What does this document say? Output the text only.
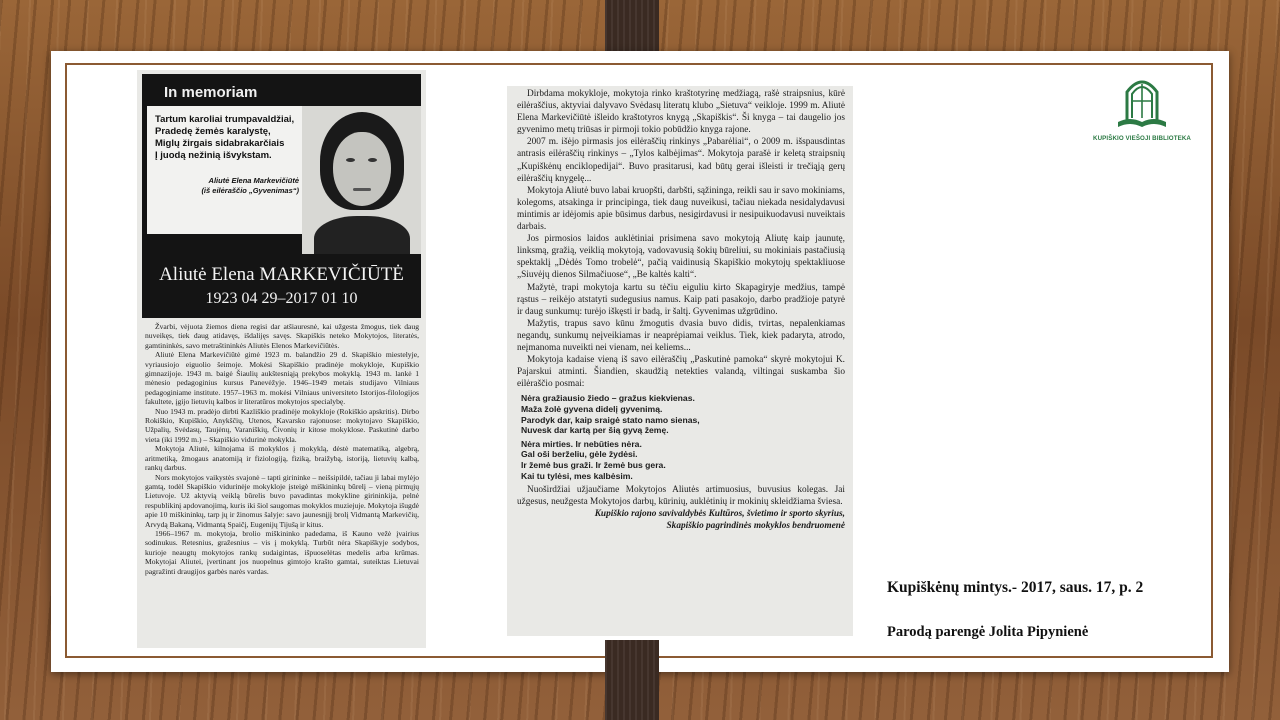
In memoriam
Tartum karoliai trumpavaldžiai,
Pradedę žemės karalystę,
Miglų žirgais sidabrakarčiais
Į juodą nežinią išvykstam.
Aliutė Elena Markevičiūtė
(iš eilėraščio „Gyvenimas“)
Aliutė Elena MARKEVIČIŪTĖ
1923 04 29–2017 01 10

Žvarbi, vėjuota žiemos diena regisi dar atšiauresnė, kai užgesta žmogus, tiek daug nuveikęs, tiek daug atidavęs, išdalijęs savęs. Skapiškis neteko Mokytojos, literatės, gamtininkės, savo metraštininkės Aliutės Elenos Markevičiūtės.

Aliutė Elena Markevičiūtė gimė 1923 m. balandžio 29 d. Skapiškio miestelyje, vyriausiojo eiguolio šeimoje. Mokėsi Skapiškio pradinėje mokykloje, Kupiškio gimnazijoje. 1943 m. baigė Šiaulių aukštesniąją prekybos mokyklą. 1943 m. lankė 1 mėnesio pedagoginius kursus Panevėžyje. 1946–1949 metais studijavo Vilniaus pedagoginiame institute. 1957–1963 m. mokėsi Vilniaus universiteto Istorijos-filologijos fakultete, įgijo lietuvių kalbos ir literatūros mokytojos specialybę.

Nuo 1943 m. pradėjo dirbti Kazliškio pradinėje mokykloje (Rokiškio apskritis). Dirbo Rokiškio, Kupiškio, Anykščių, Utenos, Kavarsko rajonuose: mokytojavo Skapiškio, Užpalių, Svėdasų, Taujėnų, Varaniškių, Čivonių ir kitose mokyklose. Paskutinė darbo vieta (iki 1992 m.) – Skapiškio vidurinė mokykla.

Mokytoja Aliutė, kilnojama iš mokyklos į mokyklą, dėstė matematiką, algebrą, aritmetiką, žmogaus anatomiją ir fiziologiją, fiziką, braižybą, istoriją, lietuvių kalbą, rankų darbus.

Nors mokytojos vaikystės svajonė – tapti girininke – neišsipildė, tačiau ji labai mylėjo gamtą, todėl Skapiškio vidurinėje mokykloje įsteigė miškininkų būrelį – vieną pirmųjų Lietuvoje. Už aktyvią veiklą būrelis buvo pavadintas mokykline girininkija, pelnė respublikinį apdovanojimą, kuris iki šiol saugomas mokyklos muziejuje. Mokytoja išugdė apie 10 miškininkų, tarp jų ir žinomus šalyje: savo jaunesnįjį brolį Vidmantą Markevičių, Arvydą Bakaną, Vidmantą Spaičį, Eugenijų Tijušą ir kitus.

1966–1967 m. mokytoja, brolio miškininko padedama, iš Kauno vežė įvairius sodinukus. Retesnius, gražesnius – vis į mokyklą. Turbūt nėra Skapiškyje sodybos, kurioje neaugtų mokytojos rankų sudaigintas, išpuoselėtas medelis arba krūmas. Mokytojai Aliutei, įvertinant jos nuopelnus gimtojo krašto gamtai, suteiktas Lietuvai pagražinti draugijos garbės narės vardas.

Dirbdama mokykloje, mokytoja rinko kraštotyrinę medžiagą, rašė straipsnius, kūrė eilėraščius, aktyviai dalyvavo Svėdasų literatų klubo „Sietuva“ veikloje. 1999 m. Aliutė Elena Markevičiūtė išleido kraštotyros knygą „Skapiškis“. Ši knyga – tai daugelio jos gyvenimo metų triūsas ir pirmoji tokio pobūdžio knyga rajone.

2007 m. išėjo pirmasis jos eilėraščių rinkinys „Pabarėliai“, o 2009 m. išspausdintas antrasis eilėraščių rinkinys – „Tylos kalbėjimas“. Mokytoja parašė ir keletą straipsnių „Kupiškėnų enciklopedijai“. Buvo prasitarusi, kad būtų gerai išleisti ir trečiąją gerų eilėraščių knygelę...

Mokytoja Aliutė buvo labai kruopšti, darbšti, sąžininga, reikli sau ir savo mokiniams, kolegoms, atsakinga ir principinga, tiek daug nuveikusi, tačiau niekada nesidalydavusi mintimis ar idėjomis apie būsimus darbus, nesigirdavusi ir nesipuikuodavusi nuveiktais darbais.

Jos pirmosios laidos auklėtiniai prisimena savo mokytoją Aliutę kaip jaunutę, linksmą, gražią, veiklią mokytoją, vadovavusią šokių būreliui, su mokiniais pastačiusią spektaklį „Dėdės Tomo trobelė“, pačią vaidinusią Skapiškio mokytojų spektakliuose „Siuvėjų dienos Silmačiuose“, „Be kaltės kalti“.

Mažytė, trapi mokytoja kartu su tėčiu eiguliu kirto Skapagiryje medžius, tampė rąstus – reikėjo atstatyti sudegusius namus. Kaip pati pasakojo, darbo pradžioje patyrė ir daug sunkumų: turėjo iškęsti ir badą, ir šaltį. Gyvenimas užgrūdino.

Mažytis, trapus savo kūnu žmogutis dvasia buvo didis, tvirtas, nepalenkiamas negandų, sunkumų neįveikiamas ir neaprėpiamai veiklus. Tiek, kiek padaryta, atrodo, neįmanoma nuveikti nei vienam, nei keliems...

Mokytoja kadaise vieną iš savo eilėraščių „Paskutinė pamoka“ skyrė mokytojui K. Pajarskui atminti. Šiandien, skaudžią netekties valandą, viltingai suskamba šio eilėraščio posmai:

Nėra gražiausio žiedo – gražus kiekvienas.
Maža žolė gyvena didelį gyvenimą.
Parodyk dar, kaip sraigė stato namo sienas,
Nuvesk dar kartą per šią gyvą žemę.
Nėra mirties. Ir nebūties nėra.
Gal oši berželiu, gėle žydėsi.
Ir žemė bus graži. Ir žemė bus gera.
Kai tu tylėsi, mes kalbėsim.

Nuoširdžiai užjaučiame Mokytojos Aliutės artimuosius, buvusius kolegas. Jai užgesus, neužgesta Mokytojos darbų, kūrinių, auklėtinių ir mokinių skleidžiama šviesa.

Kupiškio rajono savivaldybės Kultūros, švietimo ir sporto skyrius,
Skapiškio pagrindinės mokyklos bendruomenė
KUPIŠKIO VIEŠOJI BIBLIOTEKA
Kupiškėnų mintys.- 2017, saus. 17, p. 2
Parodą parengė Jolita Pipynienė
